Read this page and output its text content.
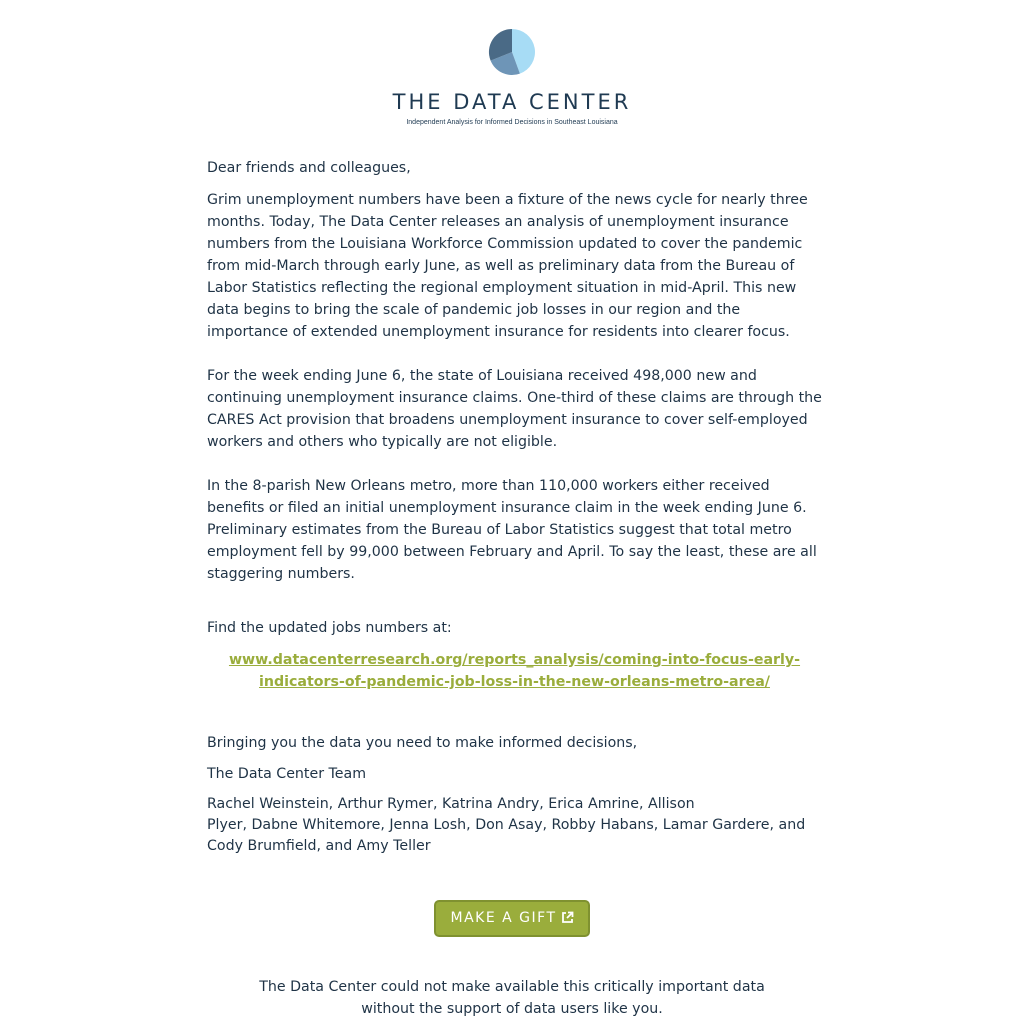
THE DATA CENTER
Independent Analysis for Informed Decisions in Southeast Louisiana

Dear friends and colleagues,

Grim unemployment numbers have been a fixture of the news cycle for nearly three months. Today, The Data Center releases an analysis of unemployment insurance numbers from the Louisiana Workforce Commission updated to cover the pandemic from mid-March through early June, as well as preliminary data from the Bureau of Labor Statistics reflecting the regional employment situation in mid-April. This new data begins to bring the scale of pandemic job losses in our region and the importance of extended unemployment insurance for residents into clearer focus.

For the week ending June 6, the state of Louisiana received 498,000 new and continuing unemployment insurance claims. One-third of these claims are through the CARES Act provision that broadens unemployment insurance to cover self-employed workers and others who typically are not eligible.

In the 8-parish New Orleans metro, more than 110,000 workers either received benefits or filed an initial unemployment insurance claim in the week ending June 6. Preliminary estimates from the Bureau of Labor Statistics suggest that total metro employment fell by 99,000 between February and April. To say the least, these are all staggering numbers.

Find the updated jobs numbers at:

www.datacenterresearch.org/reports_analysis/coming-into-focus-early-
indicators-of-pandemic-job-loss-in-the-new-orleans-metro-area/

Bringing you the data you need to make informed decisions,

The Data Center Team

Rachel Weinstein, Arthur Rymer, Katrina Andry, Erica Amrine, Allison
Plyer, Dabne Whitemore, Jenna Losh, Don Asay, Robby Habans, Lamar Gardere, and
Cody Brumfield, and Amy Teller

MAKE A GIFT
The Data Center could not make available this critically important data
without the support of data users like you.
